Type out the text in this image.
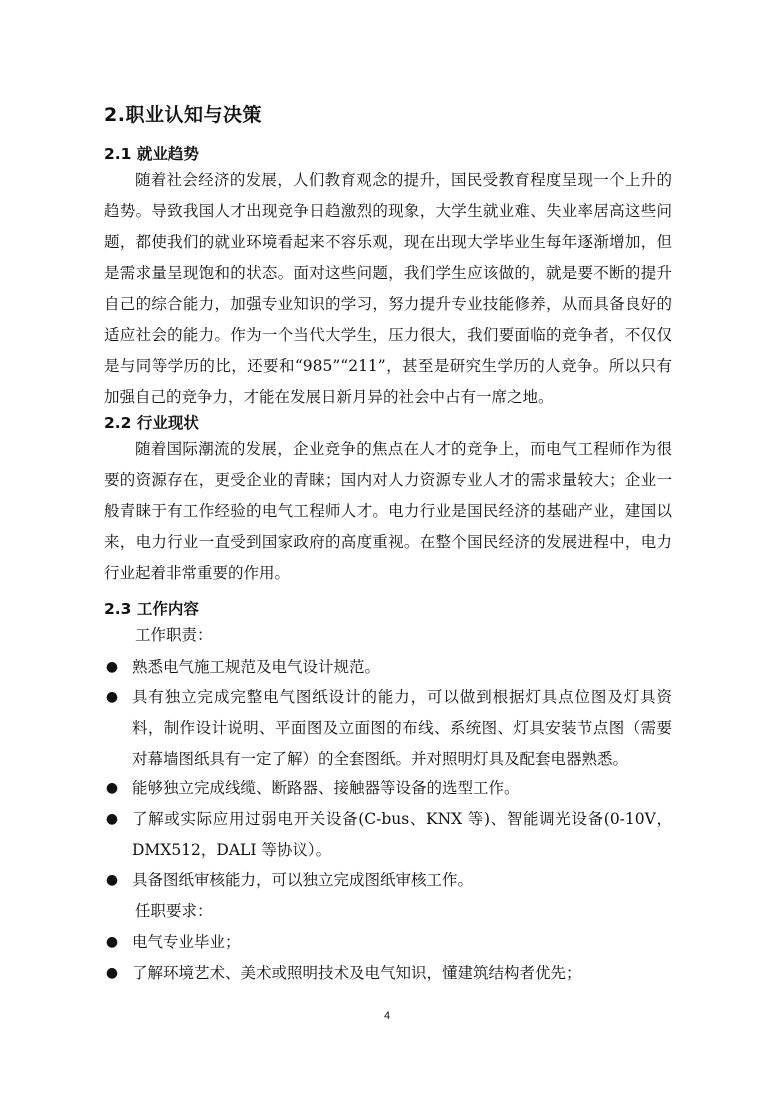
2.职业认知与决策
2.1 就业趋势

随着社会经济的发展，人们教育观念的提升，国民受教育程度呈现一个上升的趋势。导致我国人才出现竞争日趋激烈的现象，大学生就业难、失业率居高这些问题，都使我们的就业环境看起来不容乐观，现在出现大学毕业生每年逐渐增加，但是需求量呈现饱和的状态。面对这些问题，我们学生应该做的，就是要不断的提升自己的综合能力，加强专业知识的学习，努力提升专业技能修养，从而具备良好的适应社会的能力。作为一个当代大学生，压力很大，我们要面临的竞争者，不仅仅是与同等学历的比，还要和“985”“211”，甚至是研究生学历的人竞争。所以只有加强自己的竞争力，才能在发展日新月异的社会中占有一席之地。

2.2 行业现状

随着国际潮流的发展，企业竞争的焦点在人才的竞争上，而电气工程师作为很要的资源存在，更受企业的青睐；国内对人力资源专业人才的需求量较大；企业一般青睐于有工作经验的电气工程师人才。电力行业是国民经济的基础产业，建国以来，电力行业一直受到国家政府的高度重视。在整个国民经济的发展进程中，电力行业起着非常重要的作用。

2.3 工作内容

工作职责：

● 熟悉电气施工规范及电气设计规范。
● 具有独立完成完整电气图纸设计的能力，可以做到根据灯具点位图及灯具资料，制作设计说明、平面图及立面图的布线、系统图、灯具安装节点图（需要对幕墙图纸具有一定了解）的全套图纸。并对照明灯具及配套电器熟悉。
● 能够独立完成线缆、断路器、接触器等设备的选型工作。
● 了解或实际应用过弱电开关设备(C-bus、KNX 等)、智能调光设备(0-10V，DMX512，DALI 等协议）。
● 具备图纸审核能力，可以独立完成图纸审核工作。

任职要求：

● 电气专业毕业；
● 了解环境艺术、美术或照明技术及电气知识，懂建筑结构者优先；
4
